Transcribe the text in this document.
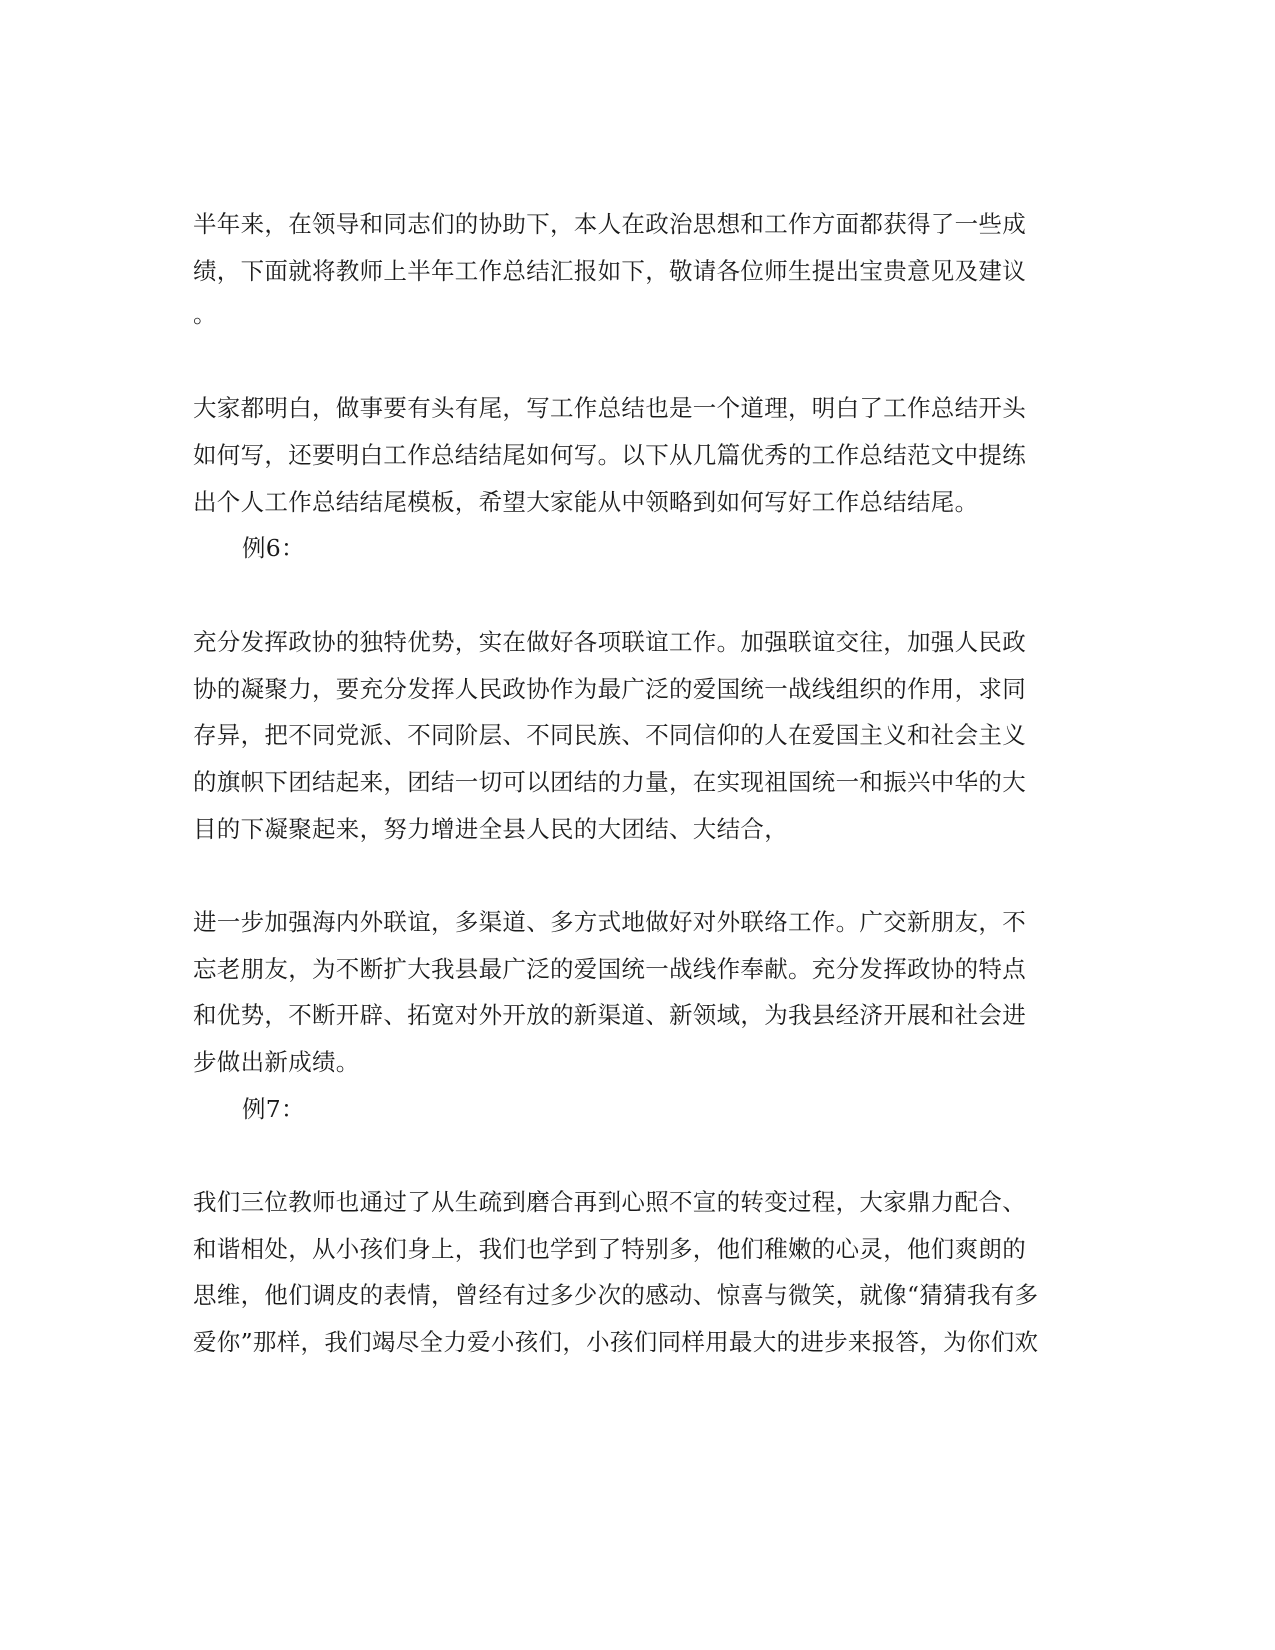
半年来，在领导和同志们的协助下，本人在政治思想和工作方面都获得了一些成
绩，下面就将教师上半年工作总结汇报如下，敬请各位师生提出宝贵意见及建议
。
大家都明白，做事要有头有尾，写工作总结也是一个道理，明白了工作总结开头
如何写，还要明白工作总结结尾如何写。以下从几篇优秀的工作总结范文中提练
出个人工作总结结尾模板，希望大家能从中领略到如何写好工作总结结尾。
例6：
充分发挥政协的独特优势，实在做好各项联谊工作。加强联谊交往，加强人民政
协的凝聚力，要充分发挥人民政协作为最广泛的爱国统一战线组织的作用，求同
存异，把不同党派、不同阶层、不同民族、不同信仰的人在爱国主义和社会主义
的旗帜下团结起来，团结一切可以团结的力量，在实现祖国统一和振兴中华的大
目的下凝聚起来，努力增进全县人民的大团结、大结合，
进一步加强海内外联谊，多渠道、多方式地做好对外联络工作。广交新朋友，不
忘老朋友，为不断扩大我县最广泛的爱国统一战线作奉献。充分发挥政协的特点
和优势，不断开辟、拓宽对外开放的新渠道、新领域，为我县经济开展和社会进
步做出新成绩。
例7：
我们三位教师也通过了从生疏到磨合再到心照不宣的转变过程，大家鼎力配合、
和谐相处，从小孩们身上，我们也学到了特别多，他们稚嫩的心灵，他们爽朗的
思维，他们调皮的表情，曾经有过多少次的感动、惊喜与微笑，就像“猜猜我有多
爱你”那样，我们竭尽全力爱小孩们，小孩们同样用最大的进步来报答，为你们欢
